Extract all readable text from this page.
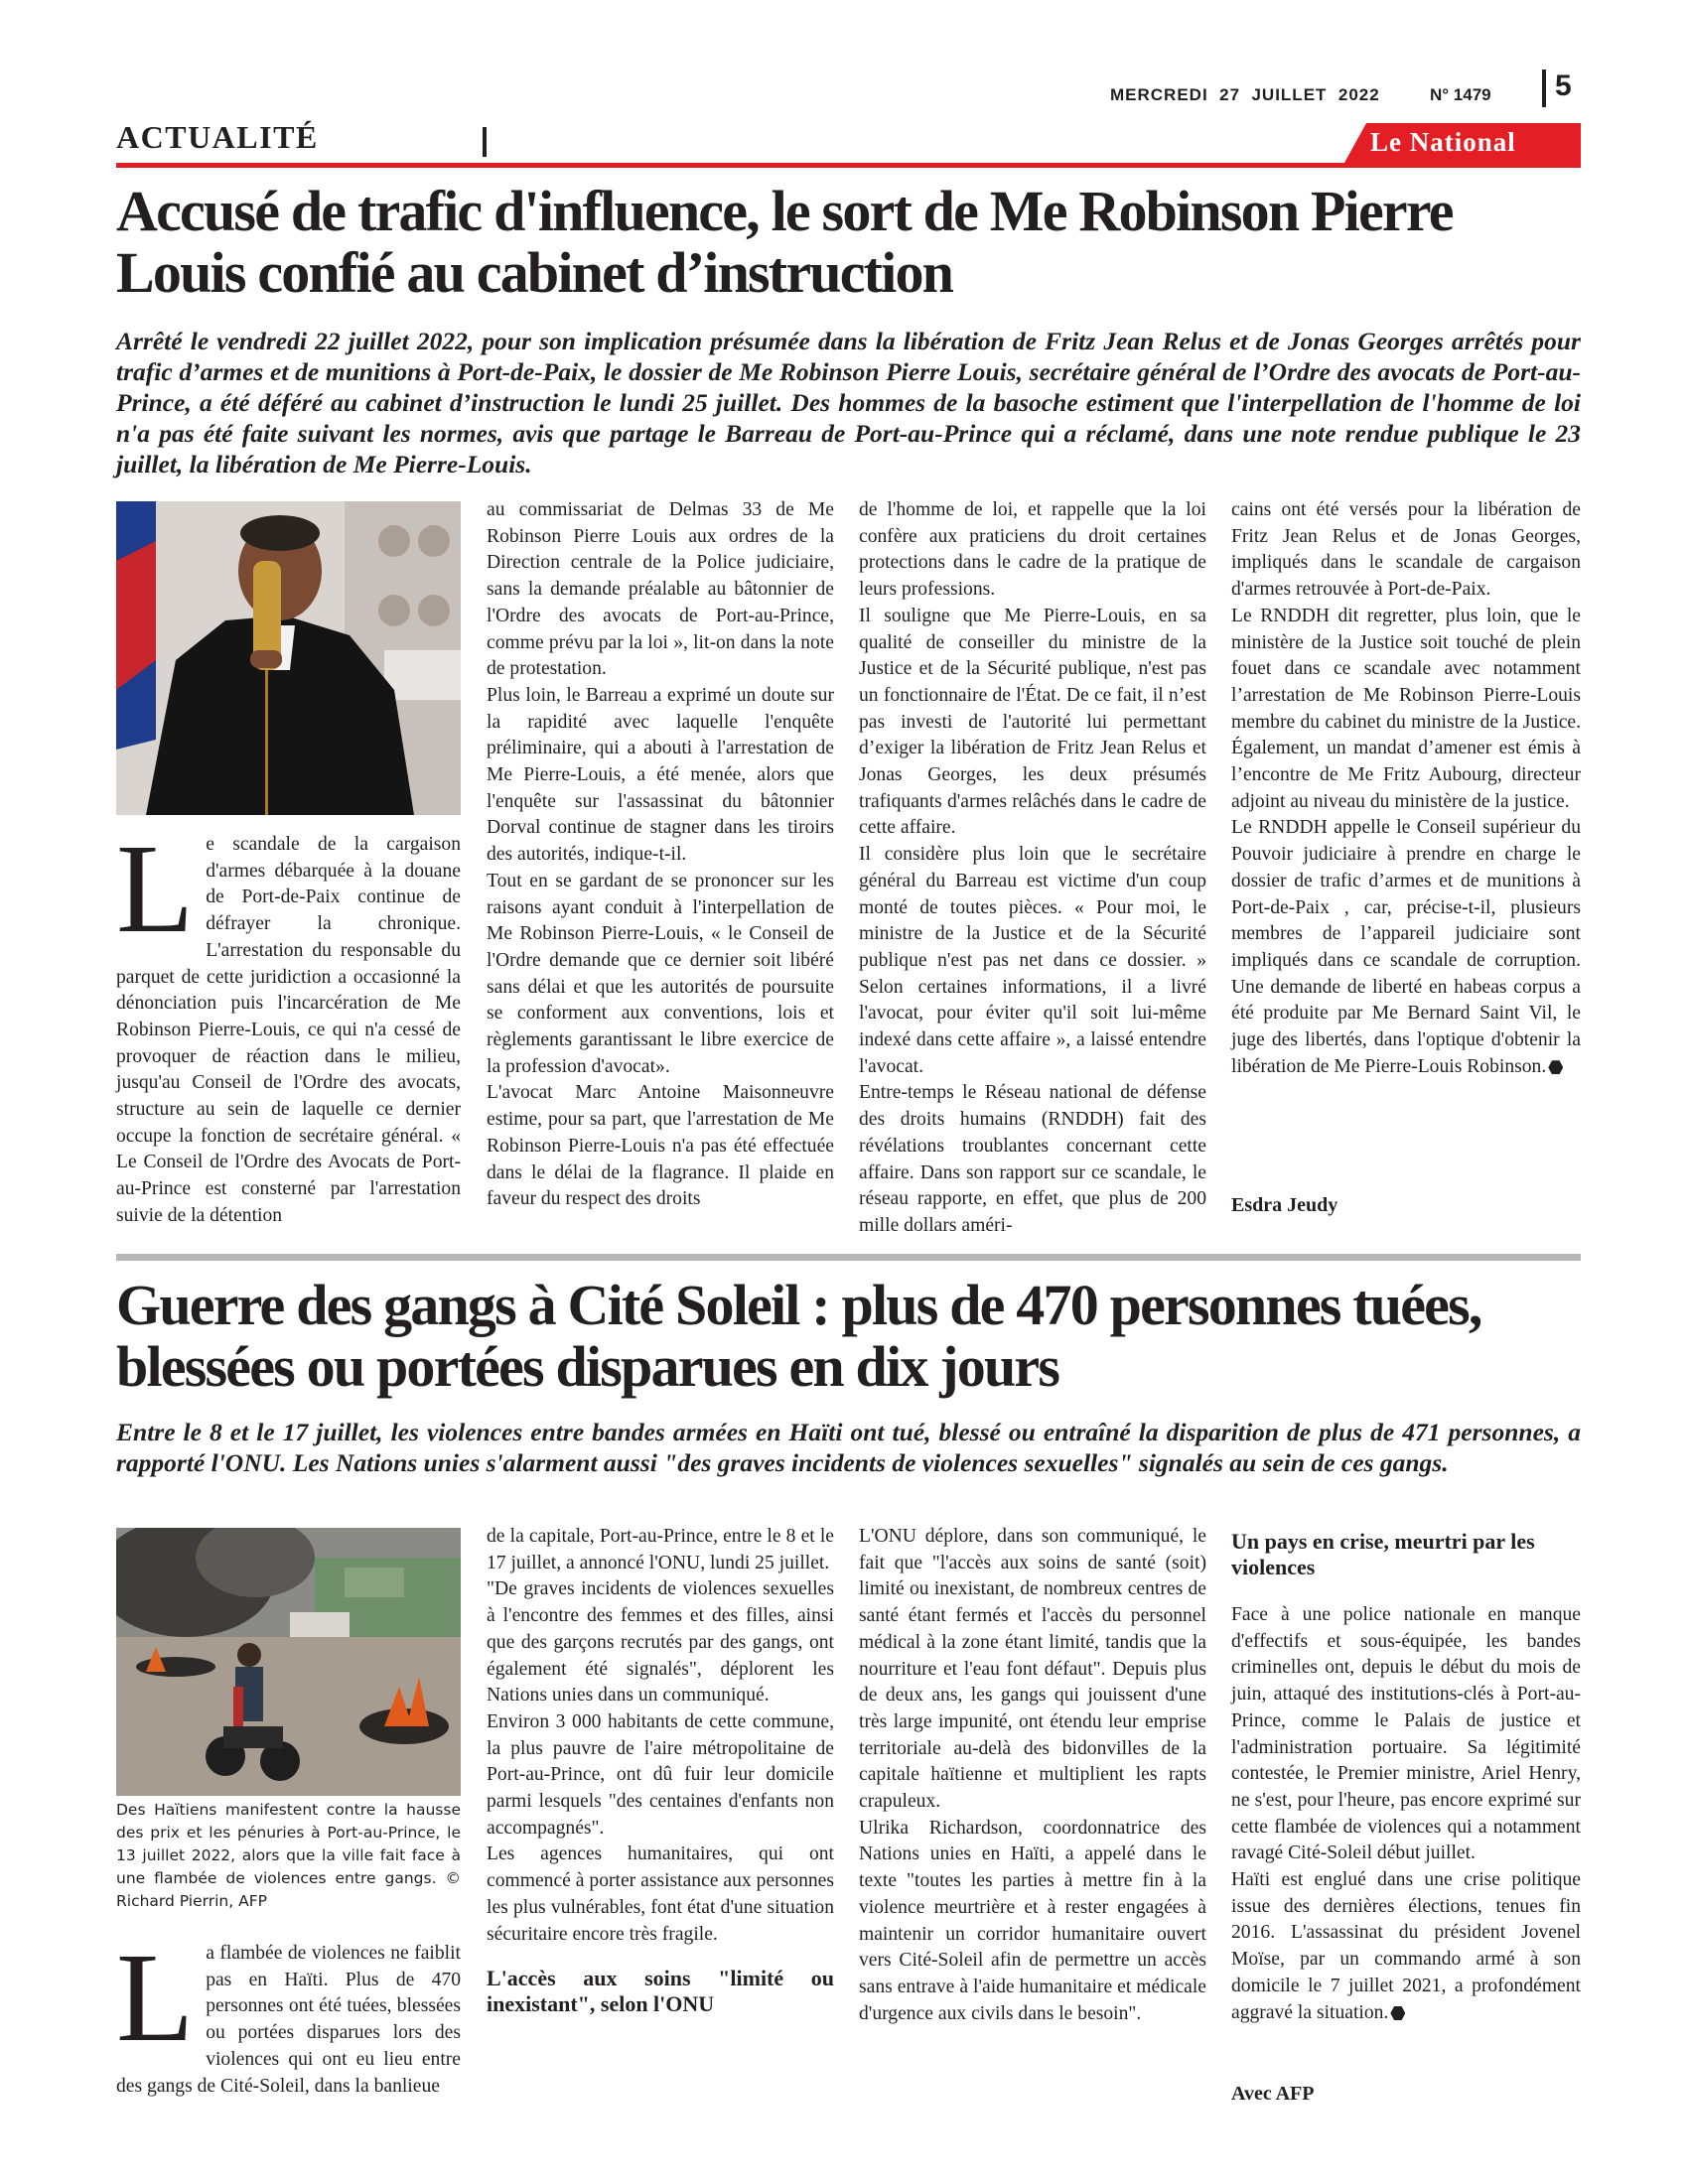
MERCREDI  27  JUILLET  2022	N° 1479 5
ACTUALITÉ	Le National
Accusé de trafic d'influence, le sort de Me Robinson Pierre Louis confié au cabinet d’instruction

Arrêté le vendredi 22 juillet 2022, pour son implication présumée dans la libération de Fritz Jean Relus et de Jonas Georges arrêtés pour trafic d’armes et de munitions à Port-de-Paix, le dossier de Me Robinson Pierre Louis, secrétaire général de l’Ordre des avocats de Port-au-Prince, a été déféré au cabinet d’instruction le lundi 25 juillet. Des hommes de la basoche estiment que l'interpellation de l'homme de loi n'a pas été faite suivant les normes, avis que partage le Barreau de Port-au-Prince qui a réclamé, dans une note rendue publique le 23 juillet, la libération de Me Pierre-Louis.

L e scandale de la cargaison d'armes débarquée à la douane de Port-de-Paix continue de défrayer la chronique. L'arrestation du responsable du parquet de cette juridiction a occasionné la dénonciation puis l'incarcération de Me Robinson Pierre-Louis, ce qui n'a cessé de provoquer de réaction dans le milieu, jusqu'au Conseil de l'Ordre des avocats, structure au sein de laquelle ce dernier occupe la fonction de secrétaire général. « Le Conseil de l'Ordre des Avocats de Port-au-Prince est consterné par l'arrestation suivie de la détention

au commissariat de Delmas 33 de Me Robinson Pierre Louis aux ordres de la Direction centrale de la Police judiciaire, sans la demande préalable au bâtonnier de l'Ordre des avocats de Port-au-Prince, comme prévu par la loi », lit-on dans la note de protestation.

Plus loin, le Barreau a exprimé un doute sur la rapidité avec laquelle l'enquête préliminaire, qui a abouti à l'arrestation de Me Pierre-Louis, a été menée, alors que l'enquête sur l'assassinat du bâtonnier Dorval continue de stagner dans les tiroirs des autorités, indique-t-il.

Tout en se gardant de se prononcer sur les raisons ayant conduit à l'interpellation de Me Robinson Pierre-Louis, « le Conseil de l'Ordre demande que ce dernier soit libéré sans délai et que les autorités de poursuite se conforment aux conventions, lois et règlements garantissant le libre exercice de la profession d'avocat».

L'avocat Marc Antoine Maisonneuvre estime, pour sa part, que l'arrestation de Me Robinson Pierre-Louis n'a pas été effectuée dans le délai de la flagrance. Il plaide en faveur du respect des droits

de l'homme de loi, et rappelle que la loi confère aux praticiens du droit certaines protections dans le cadre de la pratique de leurs professions.

Il souligne que Me Pierre-Louis, en sa qualité de conseiller du ministre de la Justice et de la Sécurité publique, n'est pas un fonctionnaire de l'État. De ce fait, il n’est pas investi de l'autorité lui permettant d’exiger la libération de Fritz Jean Relus et Jonas Georges, les deux présumés trafiquants d'armes relâchés dans le cadre de cette affaire.

Il considère plus loin que le secrétaire général du Barreau est victime d'un coup monté de toutes pièces. « Pour moi, le ministre de la Justice et de la Sécurité publique n'est pas net dans ce dossier. » Selon certaines informations, il a livré l'avocat, pour éviter qu'il soit lui-même indexé dans cette affaire », a laissé entendre l'avocat.

Entre-temps le Réseau national de défense des droits humains (RNDDH) fait des révélations troublantes concernant cette affaire. Dans son rapport sur ce scandale, le réseau rapporte, en effet, que plus de 200 mille dollars améri-

cains ont été versés pour la libération de Fritz Jean Relus et de Jonas Georges, impliqués dans le scandale de cargaison d'armes retrouvée à Port-de-Paix.

Le RNDDH dit regretter, plus loin, que le ministère de la Justice soit touché de plein fouet dans ce scandale avec notamment l’arrestation de Me Robinson Pierre-Louis membre du cabinet du ministre de la Justice. Également, un mandat d’amener est émis à l’encontre de Me Fritz Aubourg, directeur adjoint au niveau du ministère de la justice.

Le RNDDH appelle le Conseil supérieur du Pouvoir judiciaire à prendre en charge le dossier de trafic d’armes et de munitions à Port-de-Paix , car, précise-t-il, plusieurs membres de l’appareil judiciaire sont impliqués dans ce scandale de corruption. Une demande de liberté en habeas corpus a été produite par Me Bernard Saint Vil, le juge des libertés, dans l'optique d'obtenir la libération de Me Pierre-Louis Robinson.

Esdra Jeudy
Guerre des gangs à Cité Soleil : plus de 470 personnes tuées, blessées ou portées disparues en dix jours

Entre le 8 et le 17 juillet, les violences entre bandes armées en Haïti ont tué, blessé ou entraîné la disparition de plus de 471 personnes, a rapporté l'ONU. Les Nations unies s'alarment aussi "des graves incidents de violences sexuelles" signalés au sein de ces gangs.

Des Haïtiens manifestent contre la hausse des prix et les pénuries à Port-au-Prince, le 13 juillet 2022, alors que la ville fait face à une flambée de violences entre gangs. © Richard Pierrin, AFP

L a flambée de violences ne faiblit pas en Haïti. Plus de 470 personnes ont été tuées, blessées ou portées disparues lors des violences qui ont eu lieu entre des gangs de Cité-Soleil, dans la banlieue

de la capitale, Port-au-Prince, entre le 8 et le 17 juillet, a annoncé l'ONU, lundi 25 juillet.

"De graves incidents de violences sexuelles à l'encontre des femmes et des filles, ainsi que des garçons recrutés par des gangs, ont également été signalés", déplorent les Nations unies dans un communiqué.

Environ 3 000 habitants de cette commune, la plus pauvre de l'aire métropolitaine de Port-au-Prince, ont dû fuir leur domicile parmi lesquels "des centaines d'enfants non accompagnés".

Les agences humanitaires, qui ont commencé à porter assistance aux personnes les plus vulnérables, font état d'une situation sécuritaire encore très fragile.

L'accès aux soins "limité ou inexistant", selon l'ONU

L'ONU déplore, dans son communiqué, le fait que "l'accès aux soins de santé (soit) limité ou inexistant, de nombreux centres de santé étant fermés et l'accès du personnel médical à la zone étant limité, tandis que la nourriture et l'eau font défaut". Depuis plus de deux ans, les gangs qui jouissent d'une très large impunité, ont étendu leur emprise territoriale au-delà des bidonvilles de la capitale haïtienne et multiplient les rapts crapuleux.

Ulrika Richardson, coordonnatrice des Nations unies en Haïti, a appelé dans le texte "toutes les parties à mettre fin à la violence meurtrière et à rester engagées à maintenir un corridor humanitaire ouvert vers Cité-Soleil afin de permettre un accès sans entrave à l'aide humanitaire et médicale d'urgence aux civils dans le besoin".

Un pays en crise, meurtri par les violences

Face à une police nationale en manque d'effectifs et sous-équipée, les bandes criminelles ont, depuis le début du mois de juin, attaqué des institutions-clés à Port-au-Prince, comme le Palais de justice et l'administration portuaire. Sa légitimité contestée, le Premier ministre, Ariel Henry, ne s'est, pour l'heure, pas encore exprimé sur cette flambée de violences qui a notamment ravagé Cité-Soleil début juillet.

Haïti est englué dans une crise politique issue des dernières élections, tenues fin 2016. L'assassinat du président Jovenel Moïse, par un commando armé à son domicile le 7 juillet 2021, a profondément aggravé la situation.

Avec AFP
